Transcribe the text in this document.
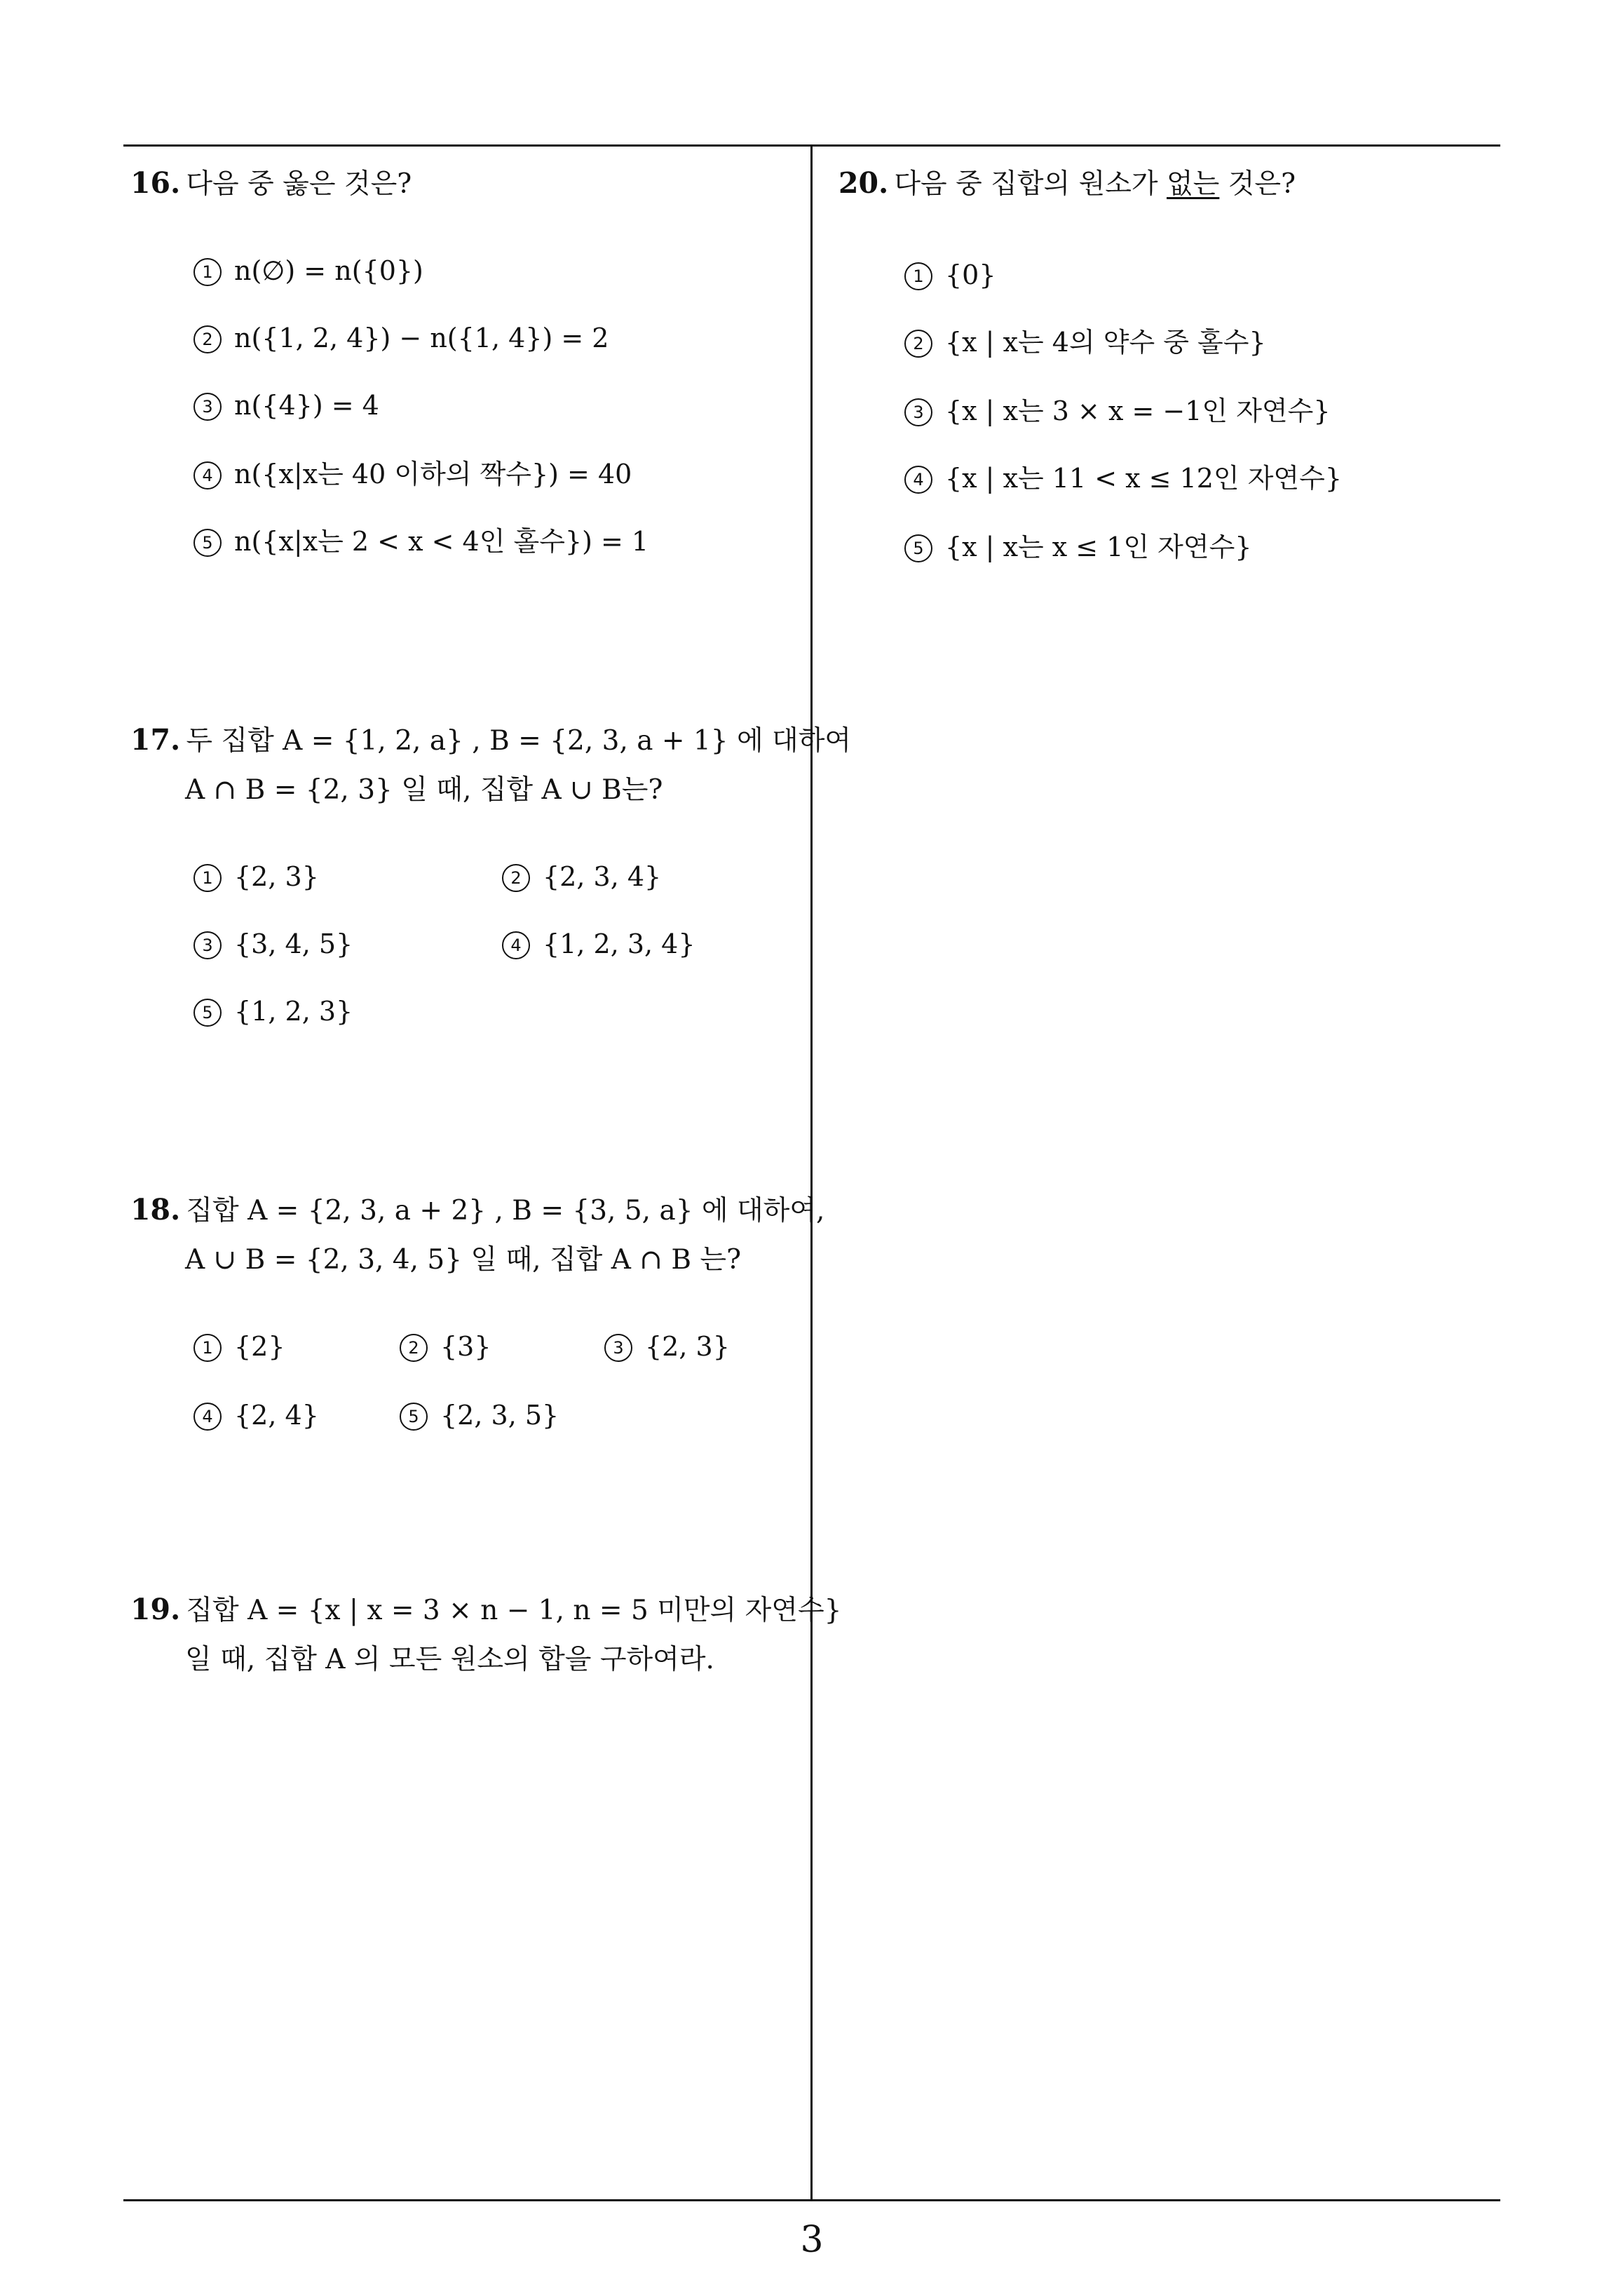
16. 다음 중 옳은 것은?
1 n(∅) = n({0})
2 n({1, 2, 4}) − n({1, 4}) = 2
3 n({4}) = 4
4 n({x|x는 40 이하의 짝수}) = 40
5 n({x|x는 2 < x < 4인 홀수}) = 1
17. 두 집합 A = {1, 2, a} , B = {2, 3, a + 1} 에 대하여
A ∩ B = {2, 3} 일 때, 집합 A ∪ B는?
1 {2, 3}	2 {2, 3, 4}
3 {3, 4, 5}	4 {1, 2, 3, 4}
5 {1, 2, 3}
18. 집합 A = {2, 3, a + 2} , B = {3, 5, a} 에 대하여,
A ∪ B = {2, 3, 4, 5} 일 때, 집합 A ∩ B 는?
1 {2}	2 {3}	3 {2, 3}
4 {2, 4}	5 {2, 3, 5}
19. 집합 A = {x | x = 3 × n − 1, n = 5 미만의 자연수}
일 때, 집합 A 의 모든 원소의 합을 구하여라.
20. 다음 중 집합의 원소가 없는 것은?
1 {0}
2 {x | x는 4의 약수 중 홀수}
3 {x | x는 3 × x = −1인 자연수}
4 {x | x는 11 < x ≤ 12인 자연수}
5 {x | x는 x ≤ 1인 자연수}
3
